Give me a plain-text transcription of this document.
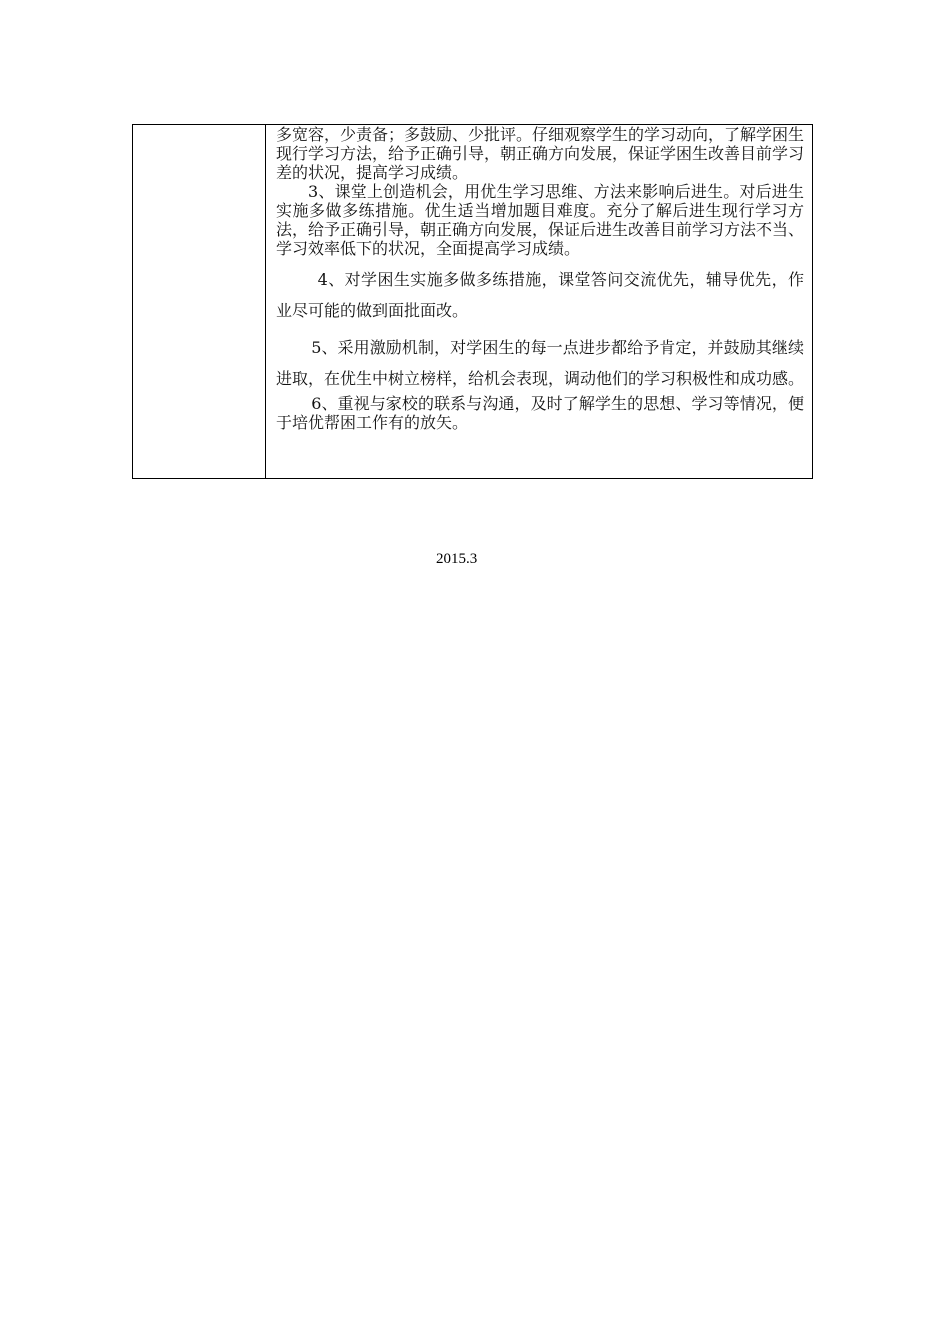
多宽容，少责备；多鼓励、少批评。仔细观察学生的学习动向，了解学困生现行学习方法，给予正确引导，朝正确方向发展，保证学困生改善目前学习差的状况，提高学习成绩。

3、课堂上创造机会，用优生学习思维、方法来影响后进生。对后进生实施多做多练措施。优生适当增加题目难度。充分了解后进生现行学习方法，给予正确引导，朝正确方向发展，保证后进生改善目前学习方法不当、学习效率低下的状况，全面提高学习成绩。

4、对学困生实施多做多练措施，课堂答问交流优先，辅导优先，作业尽可能的做到面批面改。

5、采用激励机制，对学困生的每一点进步都给予肯定，并鼓励其继续进取，在优生中树立榜样，给机会表现，调动他们的学习积极性和成功感。

6、重视与家校的联系与沟通，及时了解学生的思想、学习等情况，便于培优帮困工作有的放矢。

2015.3
